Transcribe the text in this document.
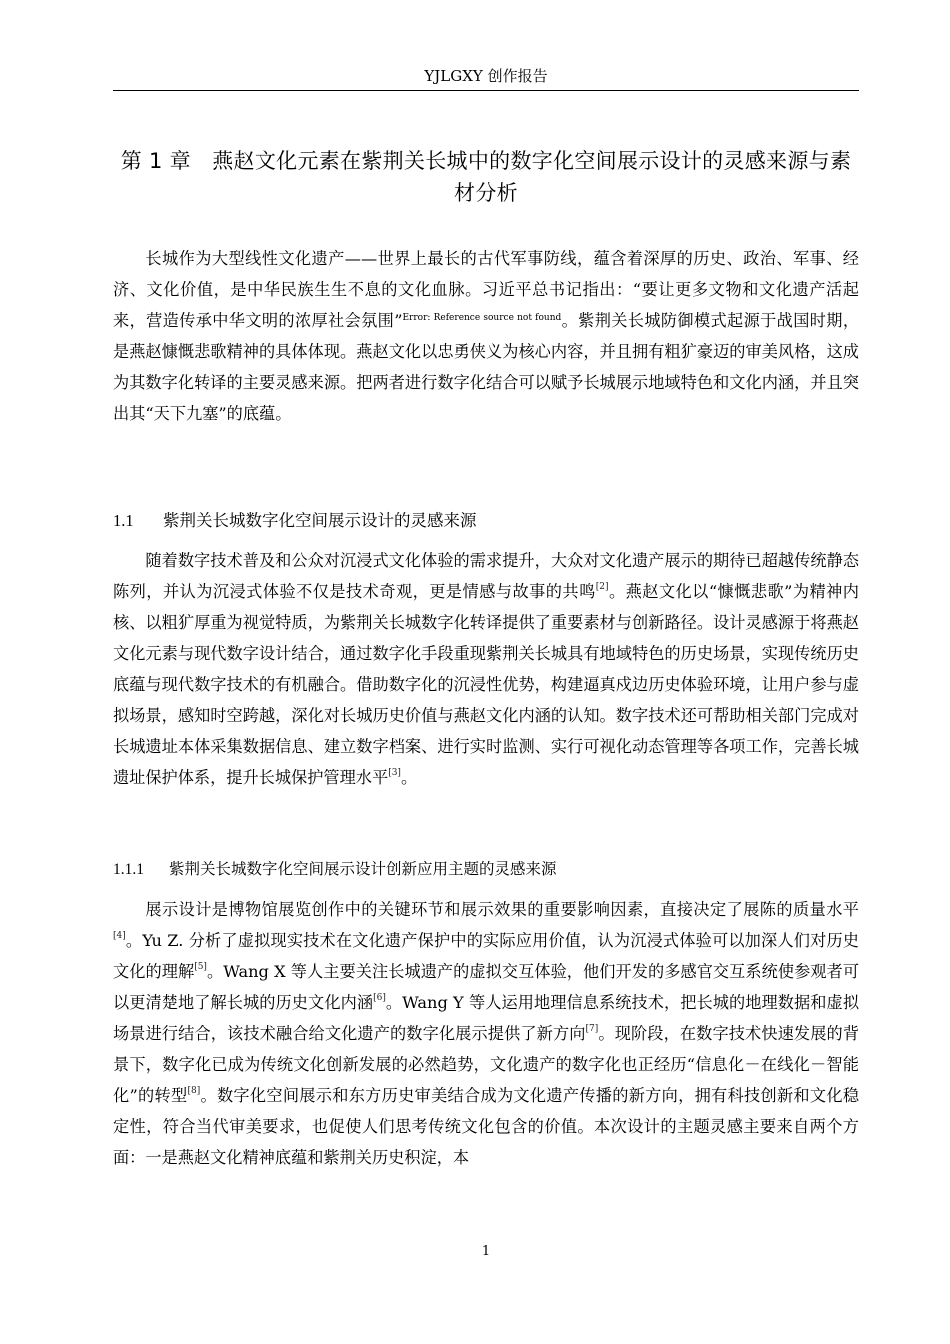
YJLGXY 创作报告
第 1 章　燕赵文化元素在紫荆关长城中的数字化空间展示设计的灵感来源与素材分析

长城作为大型线性文化遗产——世界上最长的古代军事防线，蕴含着深厚的历史、政治、军事、经济、文化价值，是中华民族生生不息的文化血脉。习近平总书记指出：“要让更多文物和文化遗产活起来，营造传承中华文明的浓厚社会氛围”$^{Error: Reference source not found}$。紫荆关长城防御模式起源于战国时期，是燕赵慷慨悲歌精神的具体体现。燕赵文化以忠勇侠义为核心内容，并且拥有粗犷豪迈的审美风格，这成为其数字化转译的主要灵感来源。把两者进行数字化结合可以赋予长城展示地域特色和文化内涵，并且突出其“天下九塞”的底蕴。

1.1 紫荆关长城数字化空间展示设计的灵感来源

随着数字技术普及和公众对沉浸式文化体验的需求提升，大众对文化遗产展示的期待已超越传统静态陈列，并认为沉浸式体验不仅是技术奇观，更是情感与故事的共鸣[2]。燕赵文化以“慷慨悲歌”为精神内核、以粗犷厚重为视觉特质，为紫荆关长城数字化转译提供了重要素材与创新路径。设计灵感源于将燕赵文化元素与现代数字设计结合，通过数字化手段重现紫荆关长城具有地域特色的历史场景，实现传统历史底蕴与现代数字技术的有机融合。借助数字化的沉浸性优势，构建逼真戍边历史体验环境，让用户参与虚拟场景，感知时空跨越，深化对长城历史价值与燕赵文化内涵的认知。数字技术还可帮助相关部门完成对长城遗址本体采集数据信息、建立数字档案、进行实时监测、实行可视化动态管理等各项工作，完善长城遗址保护体系，提升长城保护管理水平[3]。

1.1.1 紫荆关长城数字化空间展示设计创新应用主题的灵感来源

展示设计是博物馆展览创作中的关键环节和展示效果的重要影响因素，直接决定了展陈的质量水平[4]。Yu Z. 分析了虚拟现实技术在文化遗产保护中的实际应用价值，认为沉浸式体验可以加深人们对历史文化的理解[5]。Wang X 等人主要关注长城遗产的虚拟交互体验，他们开发的多感官交互系统使参观者可以更清楚地了解长城的历史文化内涵[6]。Wang Y 等人运用地理信息系统技术，把长城的地理数据和虚拟场景进行结合，该技术融合给文化遗产的数字化展示提供了新方向[7]。现阶段，在数字技术快速发展的背景下，数字化已成为传统文化创新发展的必然趋势，文化遗产的数字化也正经历“信息化－在线化－智能化”的转型[8]。数字化空间展示和东方历史审美结合成为文化遗产传播的新方向，拥有科技创新和文化稳定性，符合当代审美要求，也促使人们思考传统文化包含的价值。本次设计的主题灵感主要来自两个方面：一是燕赵文化精神底蕴和紫荆关历史积淀，本

1
